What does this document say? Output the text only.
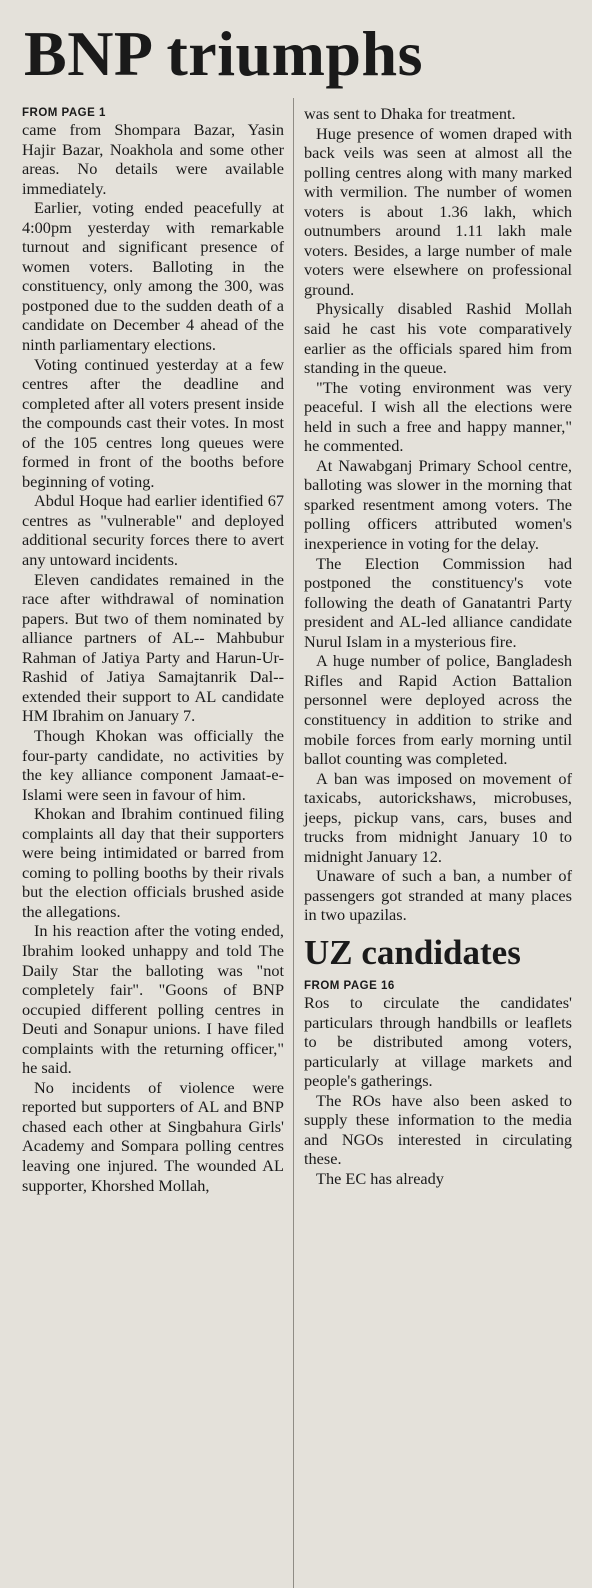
BNP triumphs
FROM PAGE 1

came from Shompara Bazar, Yasin Hajir Bazar, Noakhola and some other areas. No details were available immediately.

Earlier, voting ended peacefully at 4:00pm yesterday with remarkable turnout and significant presence of women voters. Balloting in the constituency, only among the 300, was postponed due to the sudden death of a candidate on December 4 ahead of the ninth parliamentary elections.

Voting continued yesterday at a few centres after the deadline and completed after all voters present inside the compounds cast their votes. In most of the 105 centres long queues were formed in front of the booths before beginning of voting.

Abdul Hoque had earlier identified 67 centres as "vulnerable" and deployed additional security forces there to avert any untoward incidents.

Eleven candidates remained in the race after withdrawal of nomination papers. But two of them nominated by alliance partners of AL-- Mahbubur Rahman of Jatiya Party and Harun-Ur-Rashid of Jatiya Samajtanrik Dal--extended their support to AL candidate HM Ibrahim on January 7.

Though Khokan was officially the four-party candidate, no activities by the key alliance component Jamaat-e-Islami were seen in favour of him.

Khokan and Ibrahim continued filing complaints all day that their supporters were being intimidated or barred from coming to polling booths by their rivals but the election officials brushed aside the allegations.

In his reaction after the voting ended, Ibrahim looked unhappy and told The Daily Star the balloting was "not completely fair". "Goons of BNP occupied different polling centres in Deuti and Sonapur unions. I have filed complaints with the returning officer," he said.

No incidents of violence were reported but supporters of AL and BNP chased each other at Singbahura Girls' Academy and Sompara polling centres leaving one injured. The wounded AL supporter, Khorshed Mollah,

was sent to Dhaka for treatment.

Huge presence of women draped with back veils was seen at almost all the polling centres along with many marked with vermilion. The number of women voters is about 1.36 lakh, which outnumbers around 1.11 lakh male voters. Besides, a large number of male voters were elsewhere on professional ground.

Physically disabled Rashid Mollah said he cast his vote comparatively earlier as the officials spared him from standing in the queue.

"The voting environment was very peaceful. I wish all the elections were held in such a free and happy manner," he commented.

At Nawabganj Primary School centre, balloting was slower in the morning that sparked resentment among voters. The polling officers attributed women's inexperience in voting for the delay.

The Election Commission had postponed the constituency's vote following the death of Ganatantri Party president and AL-led alliance candidate Nurul Islam in a mysterious fire.

A huge number of police, Bangladesh Rifles and Rapid Action Battalion personnel were deployed across the constituency in addition to strike and mobile forces from early morning until ballot counting was completed.

A ban was imposed on movement of taxicabs, autorickshaws, microbuses, jeeps, pickup vans, cars, buses and trucks from midnight January 10 to midnight January 12.

Unaware of such a ban, a number of passengers got stranded at many places in two upazilas.

UZ candidates
FROM PAGE 16

Ros to circulate the candidates' particulars through handbills or leaflets to be distributed among voters, particularly at village markets and people's gatherings.

The ROs have also been asked to supply these information to the media and NGOs interested in circulating these.

The EC has already
